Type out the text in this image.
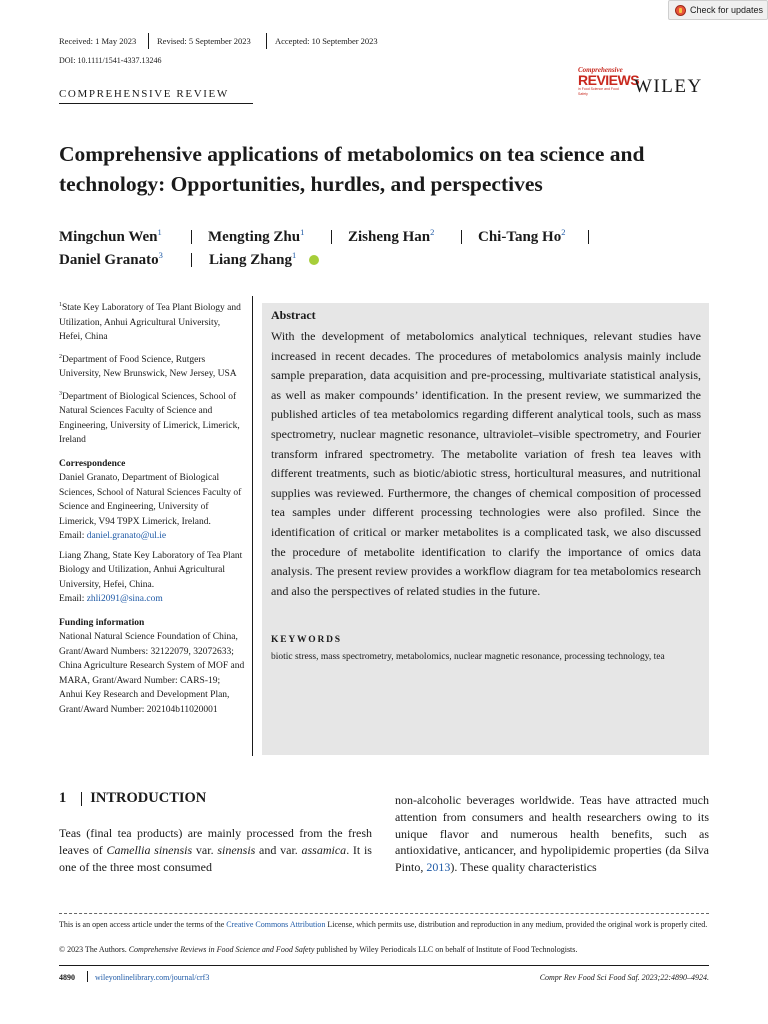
Check for updates
Received: 1 May 2023 Revised: 5 September 2023	Accepted: 10 September 2023
DOI: 10.1111/1541-4337.13246
COMPREHENSIVE REVIEW
Comprehensive
REVIEWS
in Food Science and Food Safety	WILEY
Comprehensive applications of metabolomics on tea science and technology: Opportunities, hurdles, and perspectives
Mingchun Wen$^1$	Mengting Zhu$^1$	Zisheng Han$^2$	Chi-Tang Ho$^2$
Daniel Granato$^3$	Liang Zhang$^1$

$^1$State Key Laboratory of Tea Plant Biology and Utilization, Anhui Agricultural University, Hefei, China

$^2$Department of Food Science, Rutgers University, New Brunswick, New Jersey, USA

$^3$Department of Biological Sciences, School of Natural Sciences Faculty of Science and Engineering, University of Limerick, Limerick, Ireland

Correspondence

Daniel Granato, Department of Biological Sciences, School of Natural Sciences Faculty of Science and Engineering, University of Limerick, V94 T9PX Limerick, Ireland.
Email: daniel.granato@ul.ie

Liang Zhang, State Key Laboratory of Tea Plant Biology and Utilization, Anhui Agricultural University, Hefei, China.
Email: zhli2091@sina.com

Funding information

National Natural Science Foundation of China, Grant/Award Numbers: 32122079, 32072633; China Agriculture Research System of MOF and MARA, Grant/Award Number: CARS-19; Anhui Key Research and Development Plan, Grant/Award Number: 202104b11020001

Abstract
With the development of metabolomics analytical techniques, relevant studies have increased in recent decades. The procedures of metabolomics analysis mainly include sample preparation, data acquisition and pre-processing, multivariate statistical analysis, as well as maker compounds’ identification. In the present review, we summarized the published articles of tea metabolomics regarding different analytical tools, such as mass spectrometry, nuclear magnetic resonance, ultraviolet–visible spectrometry, and Fourier transform infrared spectrometry. The metabolite variation of fresh tea leaves with different treatments, such as biotic/abiotic stress, horticultural measures, and nutritional supplies was reviewed. Furthermore, the changes of chemical composition of processed tea samples under different processing technologies were also profiled. Since the identification of critical or marker metabolites is a complicated task, we also discussed the procedure of metabolite identification to clarify the importance of omics data analysis. The present review provides a workflow diagram for tea metabolomics research and also the perspectives of related studies in the future.
KEYWORDS
biotic stress, mass spectrometry, metabolomics, nuclear magnetic resonance, processing technology, tea
1 INTRODUCTION
Teas (final tea products) are mainly processed from the fresh leaves of Camellia sinensis var. sinensis and var. assamica. It is one of the three most consumed
non-alcoholic beverages worldwide. Teas have attracted much attention from consumers and health researchers owing to its unique flavor and numerous health benefits, such as antioxidative, anticancer, and hypolipidemic properties (da Silva Pinto, 2013). These quality characteristics
This is an open access article under the terms of the Creative Commons Attribution License, which permits use, distribution and reproduction in any medium, provided the original work is properly cited.
© 2023 The Authors. Comprehensive Reviews in Food Science and Food Safety published by Wiley Periodicals LLC on behalf of Institute of Food Technologists.
4890	wileyonlinelibrary.com/journal/crf3	Compr Rev Food Sci Food Saf. 2023;22:4890–4924.
